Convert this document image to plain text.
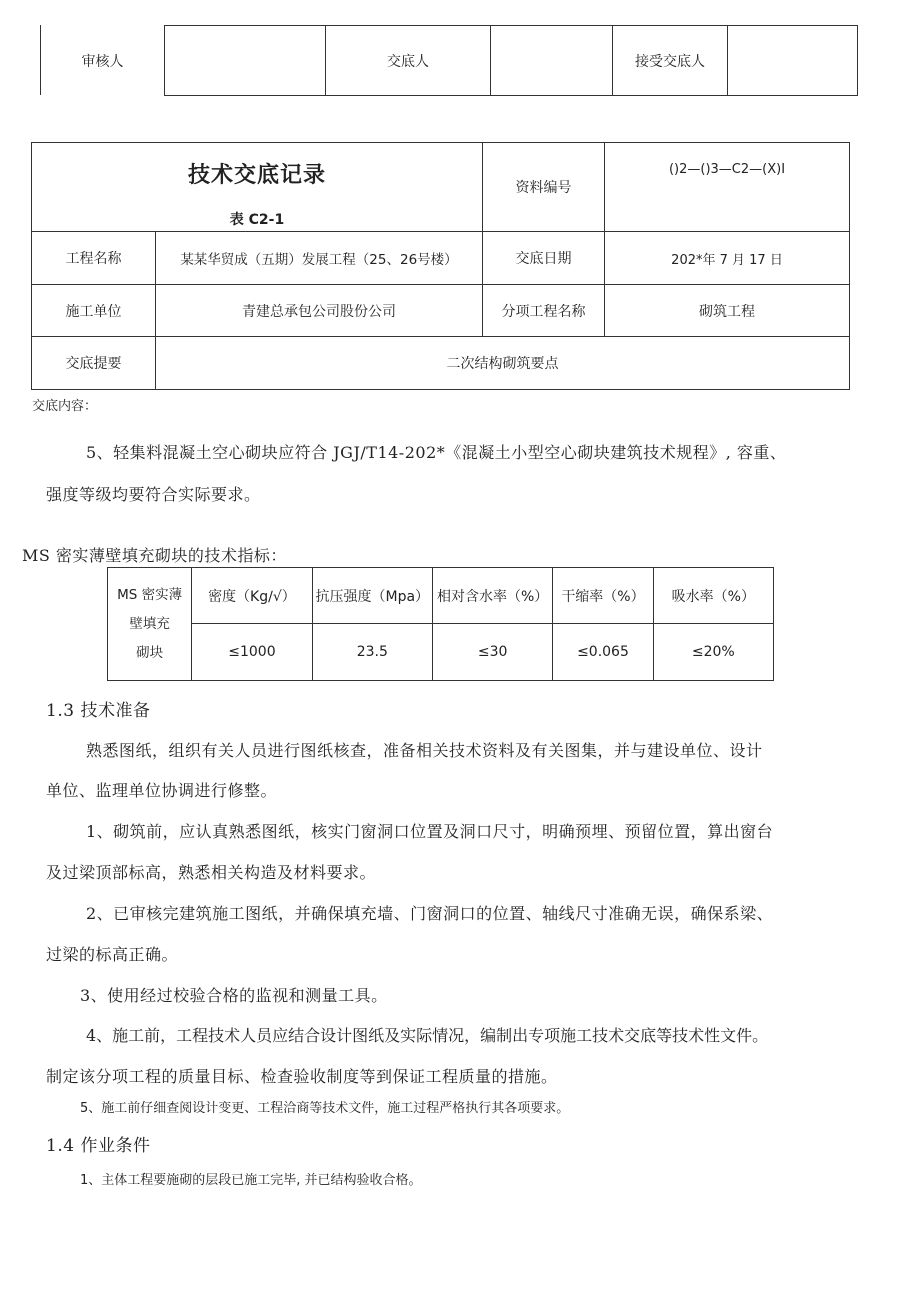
审核人	交底人	接受交底人
技术交底记录
表 C2-1
资料编号
()2—()3—C2—(X)I
工程名称	某某华贸成（五期）发展工程（25、26号楼）	交底日期	202*年 7 月 17 日
施工单位	青建总承包公司股份公司	分项工程名称	砌筑工程
交底提要	二次结构砌筑要点
交底内容：
5、轻集料混凝土空心砌块应符合 JGJ/T14-202*《混凝土小型空心砌块建筑技术规程》, 容重、
强度等级均要符合实际要求。
MS 密实薄壁填充砌块的技术指标：
MS 密实薄
壁填充
砌块	密度（Kg∕√）	抗压强度（Mpa）	相对含水率（%）	干缩率（%）	吸水率（%）
	≤1000	23.5	≤30	≤0.065	≤20%
1.3 技术准备
熟悉图纸，组织有关人员进行图纸核查，准备相关技术资料及有关图集，并与建设单位、设计
单位、监理单位协调进行修整。
1、砌筑前，应认真熟悉图纸，核实门窗洞口位置及洞口尺寸，明确预埋、预留位置，算出窗台
及过梁顶部标高，熟悉相关构造及材料要求。
2、已审核完建筑施工图纸，并确保填充墙、门窗洞口的位置、轴线尺寸准确无误，确保系梁、
过梁的标高正确。
3、使用经过校验合格的监视和测量工具。
4、施工前，工程技术人员应结合设计图纸及实际情况，编制出专项施工技术交底等技术性文件。
制定该分项工程的质量目标、检查验收制度等到保证工程质量的措施。
5、施工前仔细查阅设计变更、工程洽商等技术文件，施工过程严格执行其各项要求。
1.4 作业条件
1、主体工程要施砌的层段已施工完毕, 并已结构验收合格。
